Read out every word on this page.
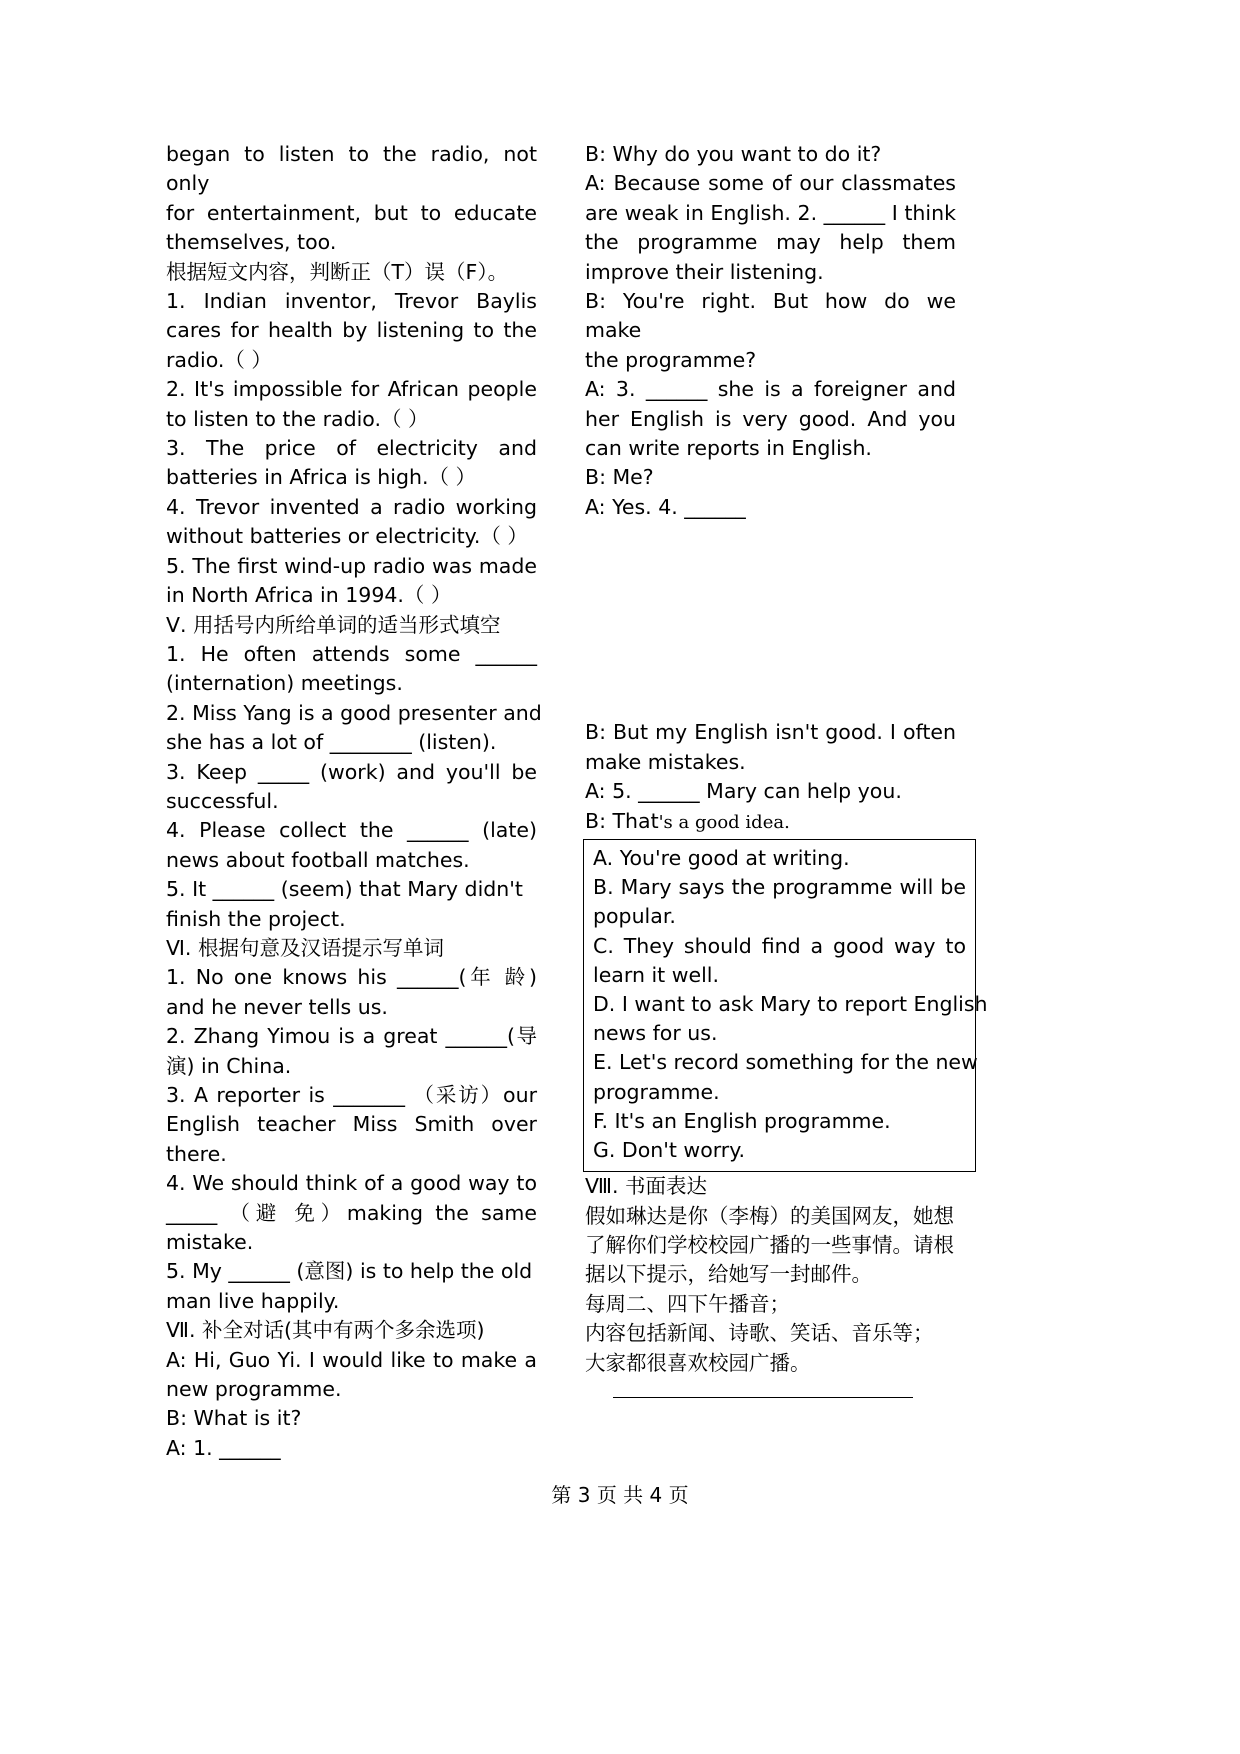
began to listen to the radio, not only

for entertainment, but to educate

themselves, too.

根据短文内容，判断正（T）误（F）。

1. Indian inventor, Trevor Baylis

cares for health by listening to the

radio.（ ）

2. It's impossible for African people

to listen to the radio.（ ）

3. The price of electricity and

batteries in Africa is high.（ ）

4. Trevor invented a radio working

without batteries or electricity.（ ）

5. The first wind-up radio was made

in North Africa in 1994.（ ）

Ⅴ. 用括号内所给单词的适当形式填空

1. He often attends some ______

(internation) meetings.

2. Miss Yang is a good presenter and

she has a lot of ________ (listen).

3. Keep _____ (work) and you'll be

successful.

4. Please collect the ______ (late)

news about football matches.

5. It ______ (seem) that Mary didn't

finish the project.

Ⅵ. 根据句意及汉语提示写单词

1. No one knows his ______(年 龄)

and he never tells us.

2. Zhang Yimou is a great ______(导

演) in China.

3. A reporter is _______ （采访）our

English teacher Miss Smith over

there.

4. We should think of a good way to

_____ （避 免）making the same

mistake.

5. My ______ (意图) is to help the old

man live happily.

Ⅶ. 补全对话(其中有两个多余选项)

A: Hi, Guo Yi. I would like to make a

new programme.

B: What is it?

A: 1. ______

B: Why do you want to do it?

A: Because some of our classmates

are weak in English. 2. ______ I think

the programme may help them

improve their listening.

B: You're right. But how do we make

the programme?

A: 3. ______ she is a foreigner and

her English is very good. And you

can write reports in English.

B: Me?

A: Yes. 4. ______

B: But my English isn't good. I often

make mistakes.

A: 5. ______ Mary can help you.

B: That's a good idea.

A. You're good at writing.

B. Mary says the programme will be

popular.

C. They should find a good way to

learn it well.

D. I want to ask Mary to report English

news for us.

E. Let's record something for the new

programme.

F. It's an English programme.

G. Don't worry.

Ⅷ. 书面表达

假如琳达是你（李梅）的美国网友，她想

了解你们学校校园广播的一些事情。请根

据以下提示，给她写一封邮件。

每周二、四下午播音；

内容包括新闻、诗歌、笑话、音乐等；

大家都很喜欢校园广播。

第 3 页 共 4 页
